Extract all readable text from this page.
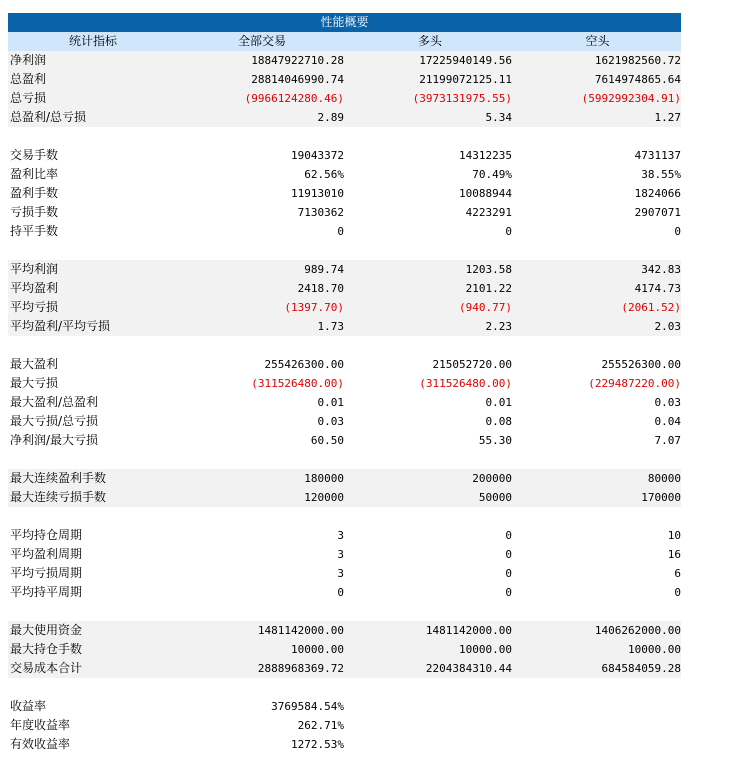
性能概要
统计指标	全部交易	多头	空头
净利润	18847922710.28	17225940149.56	1621982560.72
总盈利	28814046990.74	21199072125.11	7614974865.64
总亏损	(9966124280.46)	(3973131975.55)	(5992992304.91)
总盈利/总亏损	2.89	5.34	1.27
交易手数	19043372	14312235	4731137
盈利比率	62.56%	70.49%	38.55%
盈利手数	11913010	10088944	1824066
亏损手数	7130362	4223291	2907071
持平手数	0	0	0
平均利润	989.74	1203.58	342.83
平均盈利	2418.70	2101.22	4174.73
平均亏损	(1397.70)	(940.77)	(2061.52)
平均盈利/平均亏损	1.73	2.23	2.03
最大盈利	255426300.00	215052720.00	255526300.00
最大亏损	(311526480.00)	(311526480.00)	(229487220.00)
最大盈利/总盈利	0.01	0.01	0.03
最大亏损/总亏损	0.03	0.08	0.04
净利润/最大亏损	60.50	55.30	7.07
最大连续盈利手数	180000	200000	80000
最大连续亏损手数	120000	50000	170000
平均持仓周期	3	0	10
平均盈利周期	3	0	16
平均亏损周期	3	0	6
平均持平周期	0	0	0
最大使用资金	1481142000.00	1481142000.00	1406262000.00
最大持仓手数	10000.00	10000.00	10000.00
交易成本合计	2888968369.72	2204384310.44	684584059.28
收益率	3769584.54%
年度收益率	262.71%
有效收益率	1272.53%
